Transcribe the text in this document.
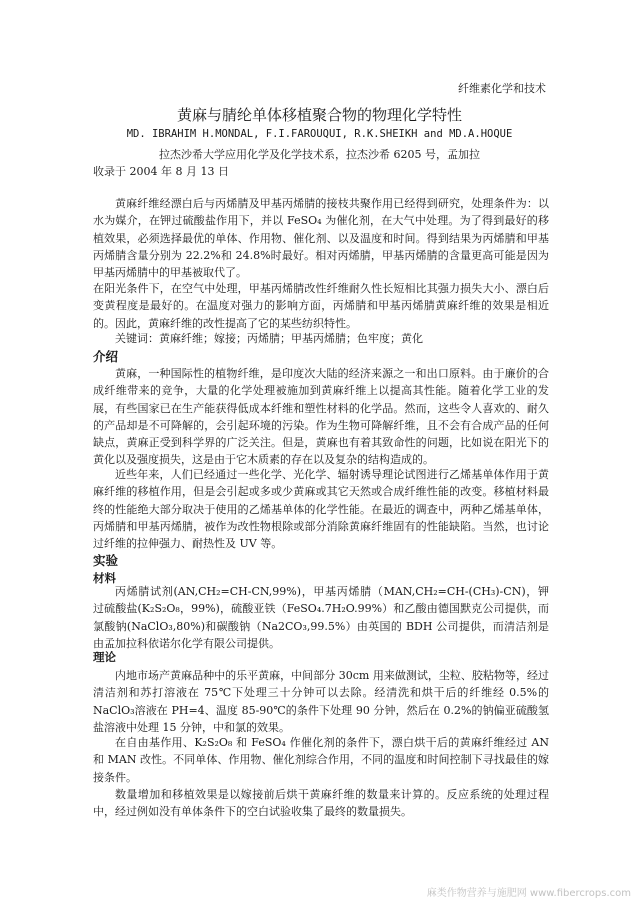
纤维素化学和技术
黄麻与腈纶单体移植聚合物的物理化学特性
MD. IBRAHIM H.MONDAL, F.I.FAROUQUI, R.K.SHEIKH and MD.A.HOQUE
拉杰沙希大学应用化学及化学技术系，拉杰沙希 6205 号，孟加拉
收录于 2004 年 8 月 13 日

黄麻纤维经漂白后与丙烯腈及甲基丙烯腈的接枝共聚作用已经得到研究，处理条件为：以水为媒介，在钾过硫酸盐作用下，并以 FeSO₄ 为催化剂，在大气中处理。为了得到最好的移植效果，必须选择最优的单体、作用物、催化剂、以及温度和时间。得到结果为丙烯腈和甲基丙烯腈含量分别为 22.2%和 24.8%时最好。相对丙烯腈，甲基丙烯腈的含量更高可能是因为甲基丙烯腈中的甲基被取代了。

在阳光条件下，在空气中处理，甲基丙烯腈改性纤维耐久性长短相比其强力损失大小、漂白后变黄程度是最好的。在温度对强力的影响方面，丙烯腈和甲基丙烯腈黄麻纤维的效果是相近的。因此，黄麻纤维的改性提高了它的某些纺织特性。

关键词：黄麻纤维；嫁接；丙烯腈；甲基丙烯腈；色牢度；黄化

介绍

黄麻，一种国际性的植物纤维，是印度次大陆的经济来源之一和出口原料。由于廉价的合成纤维带来的竞争，大量的化学处理被施加到黄麻纤维上以提高其性能。随着化学工业的发展，有些国家已在生产能获得低成本纤维和塑性材料的化学品。然而，这些令人喜欢的、耐久的产品却是不可降解的，会引起环境的污染。作为生物可降解纤维，且不会有合成产品的任何缺点，黄麻正受到科学界的广泛关注。但是，黄麻也有着其致命性的问题，比如说在阳光下的黄化以及强度损失，这是由于它木质素的存在以及复杂的结构造成的。

近些年来，人们已经通过一些化学、光化学、辐射诱导理论试图进行乙烯基单体作用于黄麻纤维的移植作用，但是会引起或多或少黄麻或其它天然或合成纤维性能的改变。移植材料最终的性能绝大部分取决于使用的乙烯基单体的化学性能。在最近的调查中，两种乙烯基单体，丙烯腈和甲基丙烯腈，被作为改性物根除或部分消除黄麻纤维固有的性能缺陷。当然，也讨论过纤维的拉伸强力、耐热性及 UV 等。

实验
材料

丙烯腈试剂(AN,CH₂=CH-CN,99%)，甲基丙烯腈（MAN,CH₂=CH-(CH₃)-CN)，钾过硫酸盐(K₂S₂O₈，99%)，硫酸亚铁（FeSO₄.7H₂O.99%）和乙酸由德国默克公司提供，而氯酸钠(NaClO₃,80%)和碳酸钠（Na2CO₃,99.5%）由英国的 BDH 公司提供，而清洁剂是由孟加拉科依诺尔化学有限公司提供。

理论

内地市场产黄麻品种中的乐平黄麻，中间部分 30cm 用来做测试，尘粒、胶粘物等，经过清洁剂和苏打溶液在 75℃下处理三十分钟可以去除。经清洗和烘干后的纤维经 0.5%的 NaClO₃溶液在 PH=4、温度 85-90℃的条件下处理 90 分钟，然后在 0.2%的钠偏亚硫酸氢盐溶液中处理 15 分钟，中和氯的效果。

在自由基作用、K₂S₂O₈ 和 FeSO₄ 作催化剂的条件下，漂白烘干后的黄麻纤维经过 AN 和 MAN 改性。不同单体、作用物、催化剂综合作用，不同的温度和时间控制下寻找最佳的嫁接条件。

数量增加和移植效果是以嫁接前后烘干黄麻纤维的数量来计算的。反应系统的处理过程中，经过例如没有单体条件下的空白试验收集了最终的数量损失。

麻类作物营养与施肥网 www.fibercrops.com
